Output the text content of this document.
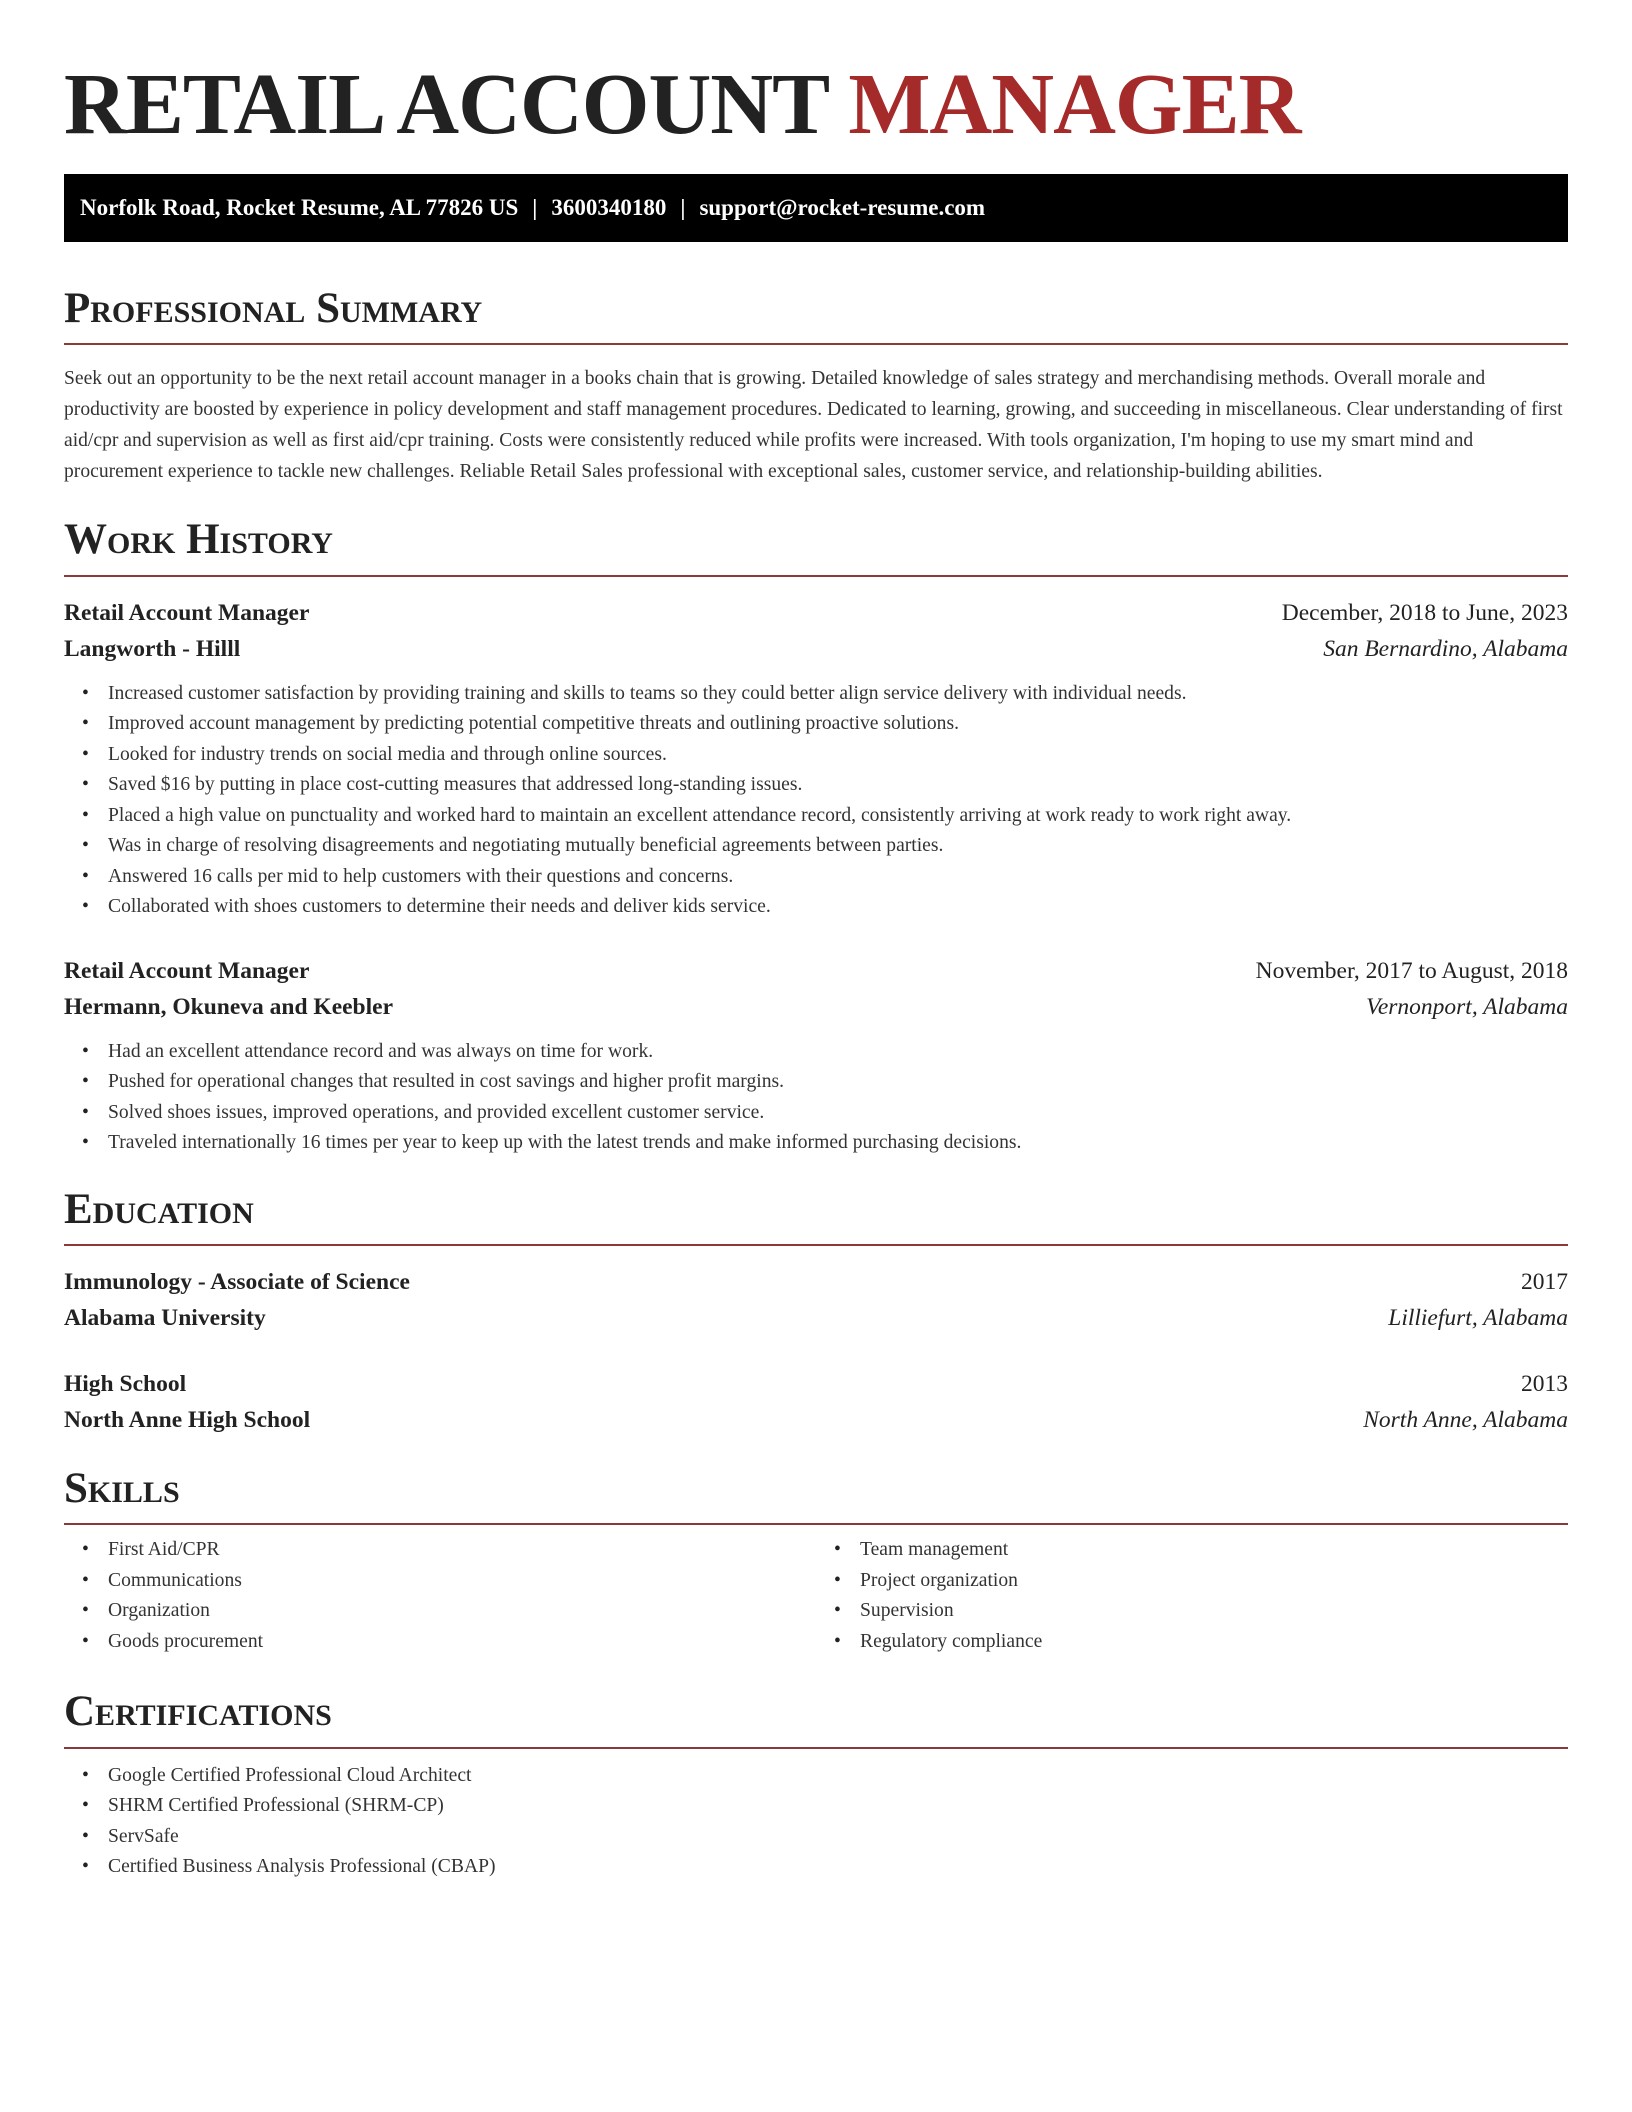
RETAIL ACCOUNT MANAGER
Norfolk Road, Rocket Resume, AL 77826 US | 3600340180 | support@rocket-resume.com
Professional Summary

Seek out an opportunity to be the next retail account manager in a books chain that is growing. Detailed knowledge of sales strategy and merchandising methods. Overall morale and productivity are boosted by experience in policy development and staff management procedures. Dedicated to learning, growing, and succeeding in miscellaneous. Clear understanding of first aid/cpr and supervision as well as first aid/cpr training. Costs were consistently reduced while profits were increased. With tools organization, I'm hoping to use my smart mind and procurement experience to tackle new challenges. Reliable Retail Sales professional with exceptional sales, customer service, and relationship-building abilities.

Work History
Retail Account Manager	December, 2018 to June, 2023
Langworth - Hilll	San Bernardino, Alabama
• Increased customer satisfaction by providing training and skills to teams so they could better align service delivery with individual needs.
• Improved account management by predicting potential competitive threats and outlining proactive solutions.
• Looked for industry trends on social media and through online sources.
• Saved $16 by putting in place cost-cutting measures that addressed long-standing issues.
• Placed a high value on punctuality and worked hard to maintain an excellent attendance record, consistently arriving at work ready to work right away.
• Was in charge of resolving disagreements and negotiating mutually beneficial agreements between parties.
• Answered 16 calls per mid to help customers with their questions and concerns.
• Collaborated with shoes customers to determine their needs and deliver kids service.
Retail Account Manager	November, 2017 to August, 2018
Hermann, Okuneva and Keebler	Vernonport, Alabama
• Had an excellent attendance record and was always on time for work.
• Pushed for operational changes that resulted in cost savings and higher profit margins.
• Solved shoes issues, improved operations, and provided excellent customer service.
• Traveled internationally 16 times per year to keep up with the latest trends and make informed purchasing decisions.
Education
Immunology - Associate of Science	2017
Alabama University	Lilliefurt, Alabama
High School	2013
North Anne High School	North Anne, Alabama
Skills
• First Aid/CPR
• Communications
• Organization
• Goods procurement
• Team management
• Project organization
• Supervision
• Regulatory compliance
Certifications
• Google Certified Professional Cloud Architect
• SHRM Certified Professional (SHRM-CP)
• ServSafe
• Certified Business Analysis Professional (CBAP)
